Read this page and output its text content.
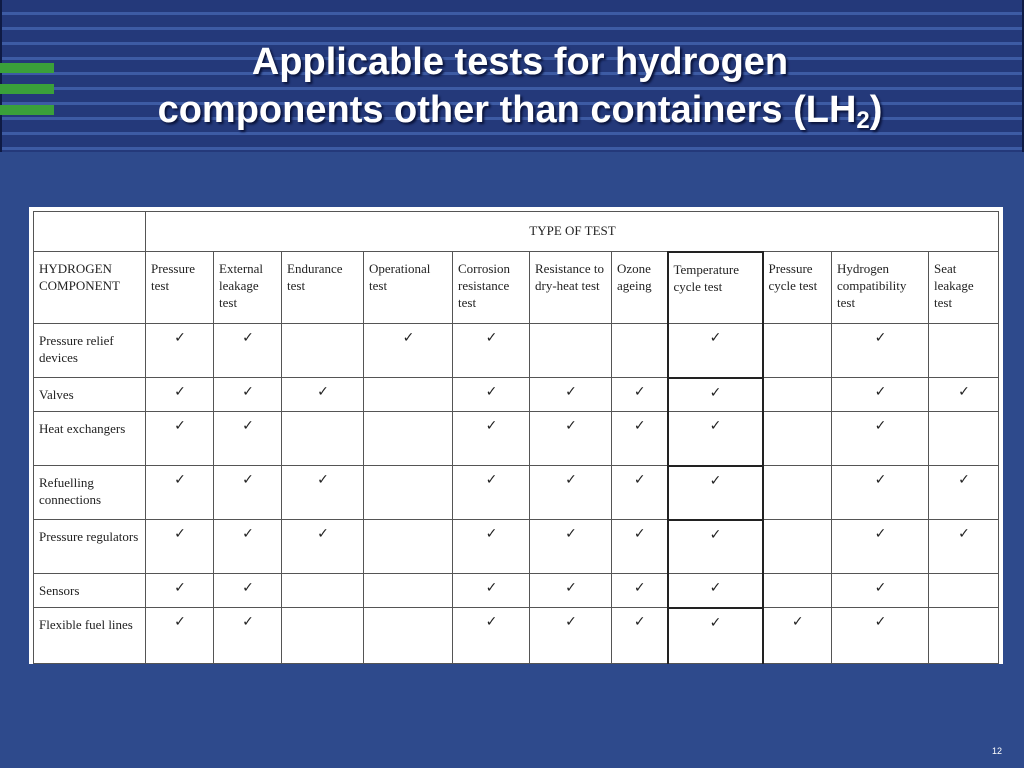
Applicable tests for hydrogen
components other than containers $(LH_2)$
	TYPE OF TEST										
HYDROGEN COMPONENT	Pressure test	External leakage test	Endurance test	Operational test	Corrosion resistance test	Resistance to dry-heat test	Ozone ageing	Temperature cycle test	Pressure cycle test	Hydrogen compatibility test	Seat leakage test
Pressure relief devices	✓	✓		✓	✓			✓		✓	
Valves	✓	✓	✓		✓	✓	✓	✓		✓	✓
Heat exchangers	✓	✓			✓	✓	✓	✓		✓	
Refuelling connections	✓	✓	✓		✓	✓	✓	✓		✓	✓
Pressure regulators	✓	✓	✓		✓	✓	✓	✓		✓	✓
Sensors	✓	✓			✓	✓	✓	✓		✓	
Flexible fuel lines	✓	✓			✓	✓	✓	✓	✓	✓	
12
